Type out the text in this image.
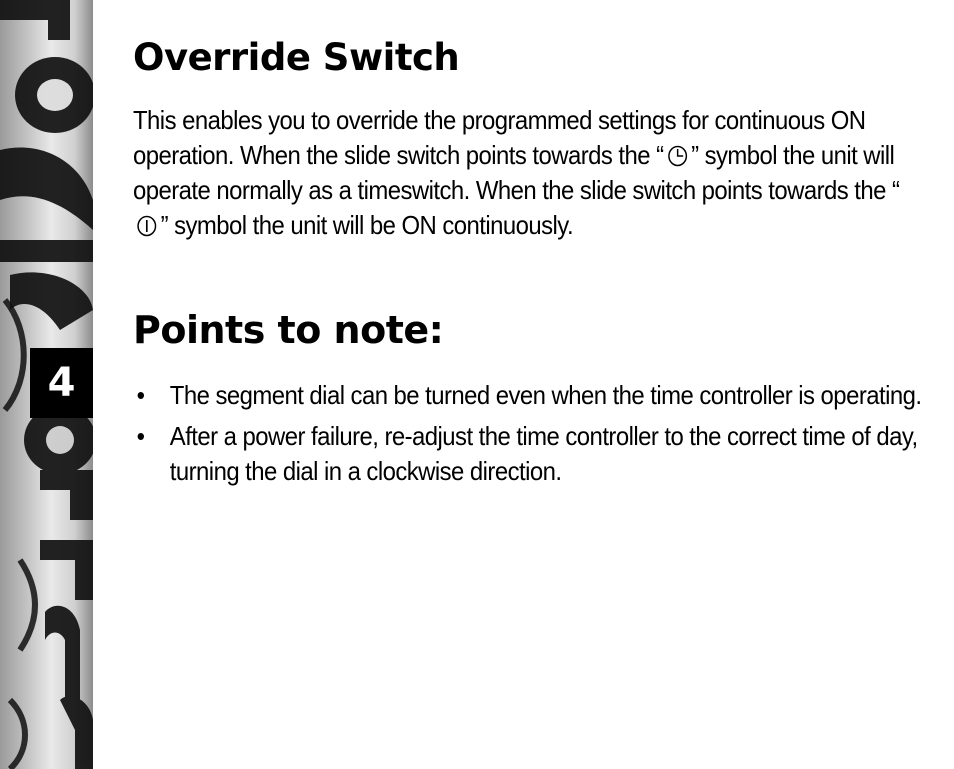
4
Override Switch
This enables you to override the programmed settings for continuous ON operation. When the slide switch points towards the “ ” symbol the unit will operate normally as a timeswitch. When the slide switch points towards the “” symbol the unit will be ON continuously.
Points to note:
• The segment dial can be turned even when the time controller is operating.
• After a power failure, re-adjust the time controller to the correct time of day, turning the dial in a clockwise direction.
